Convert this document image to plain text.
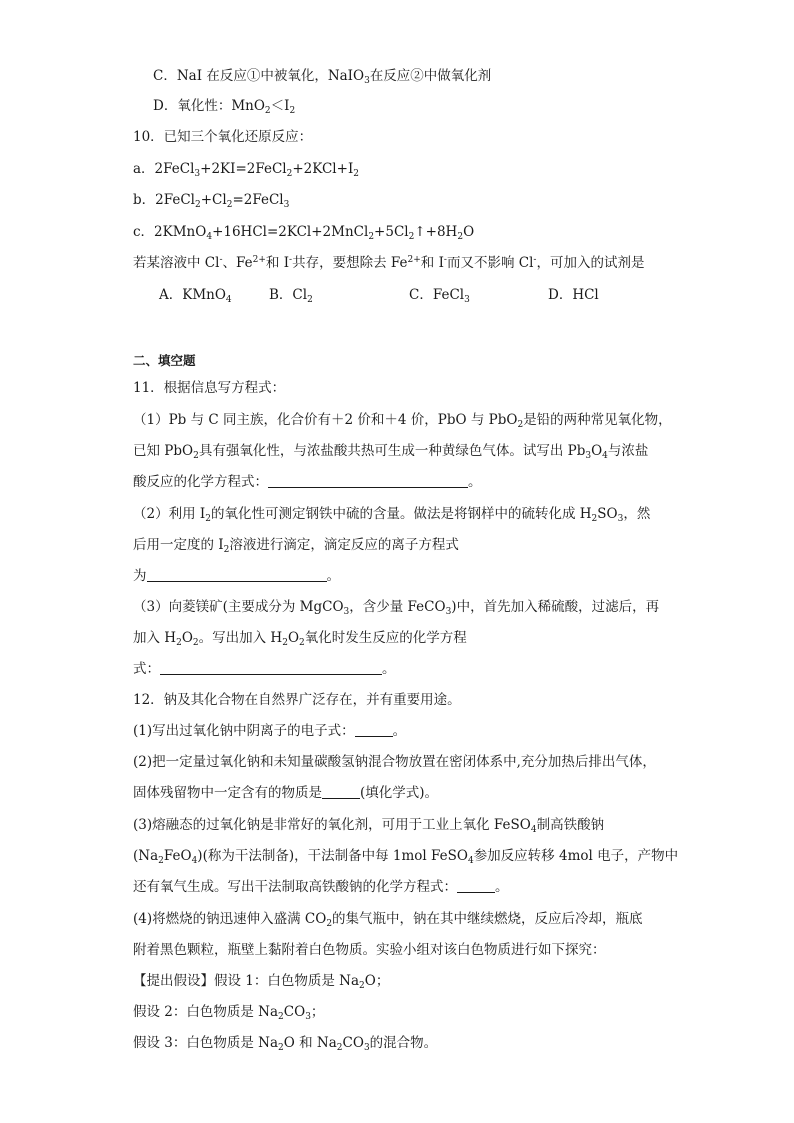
C．NaI 在反应①中被氧化，NaIO$_3$在反应②中做氧化剂
D．氧化性：$MnO_2<I_2$
10．已知三个氧化还原反应：
a．$2FeCl_3+2KI=2FeCl_2+2KCl+I_2$
b．$2FeCl_2+Cl_2=2FeCl_3$
c．$2KMnO_4+16HCl=2KCl+2MnCl_2+5Cl_2↑+8H_2O$
若某溶液中 Cl-、$Fe^{2+}$和 I-共存，要想除去 $Fe^{2+}$和 I-而又不影响 Cl-，可加入的试剂是
A．KMnO$_4$	B．$Cl_2$	C．FeCl$_3$	D．HCl
二、填空题
11．根据信息写方程式：
（1）Pb 与 C 同主族，化合价有＋2 价和＋4 价，PbO 与 PbO$_2$是铅的两种常见氧化物，
已知 PbO$_2$具有强氧化性，与浓盐酸共热可生成一种黄绿色气体。试写出 $Pb_3O_4$与浓盐
酸反应的化学方程式：	。
（2）利用 $I_2$的氧化性可测定钢铁中硫的含量。做法是将钢样中的硫转化成 $H_2SO_3$，然
后用一定度的 $I_2$溶液进行滴定，滴定反应的离子方程式
为	。
（3）向菱镁矿(主要成分为 MgCO$_3$，含少量 FeCO$_3$)中，首先加入稀硫酸，过滤后，再
加入 $H_2O_2$。写出加入 $H_2O_2$氧化时发生反应的化学方程
式：	。
12．钠及其化合物在自然界广泛存在，并有重要用途。
(1)写出过氧化钠中阴离子的电子式：	。
(2)把一定量过氧化钠和未知量碳酸氢钠混合物放置在密闭体系中,充分加热后排出气体，
固体残留物中一定含有的物质是	(填化学式)。
(3)熔融态的过氧化钠是非常好的氧化剂，可用于工业上氧化 FeSO$_4$制高铁酸钠
$(Na_2FeO_4)$(称为干法制备)，干法制备中每 1mol FeSO$_4$参加反应转移 4mol 电子，产物中
还有氧气生成。写出干法制取高铁酸钠的化学方程式：	。
(4)将燃烧的钠迅速伸入盛满 $CO_2$的集气瓶中，钠在其中继续燃烧，反应后冷却，瓶底
附着黑色颗粒，瓶壁上黏附着白色物质。实验小组对该白色物质进行如下探究：
【提出假设】假设 1：白色物质是 $Na_2O$；
假设 2：白色物质是 $Na_2CO_3$；
假设 3：白色物质是 $Na_2O$ 和 $Na_2CO_3$的混合物。
